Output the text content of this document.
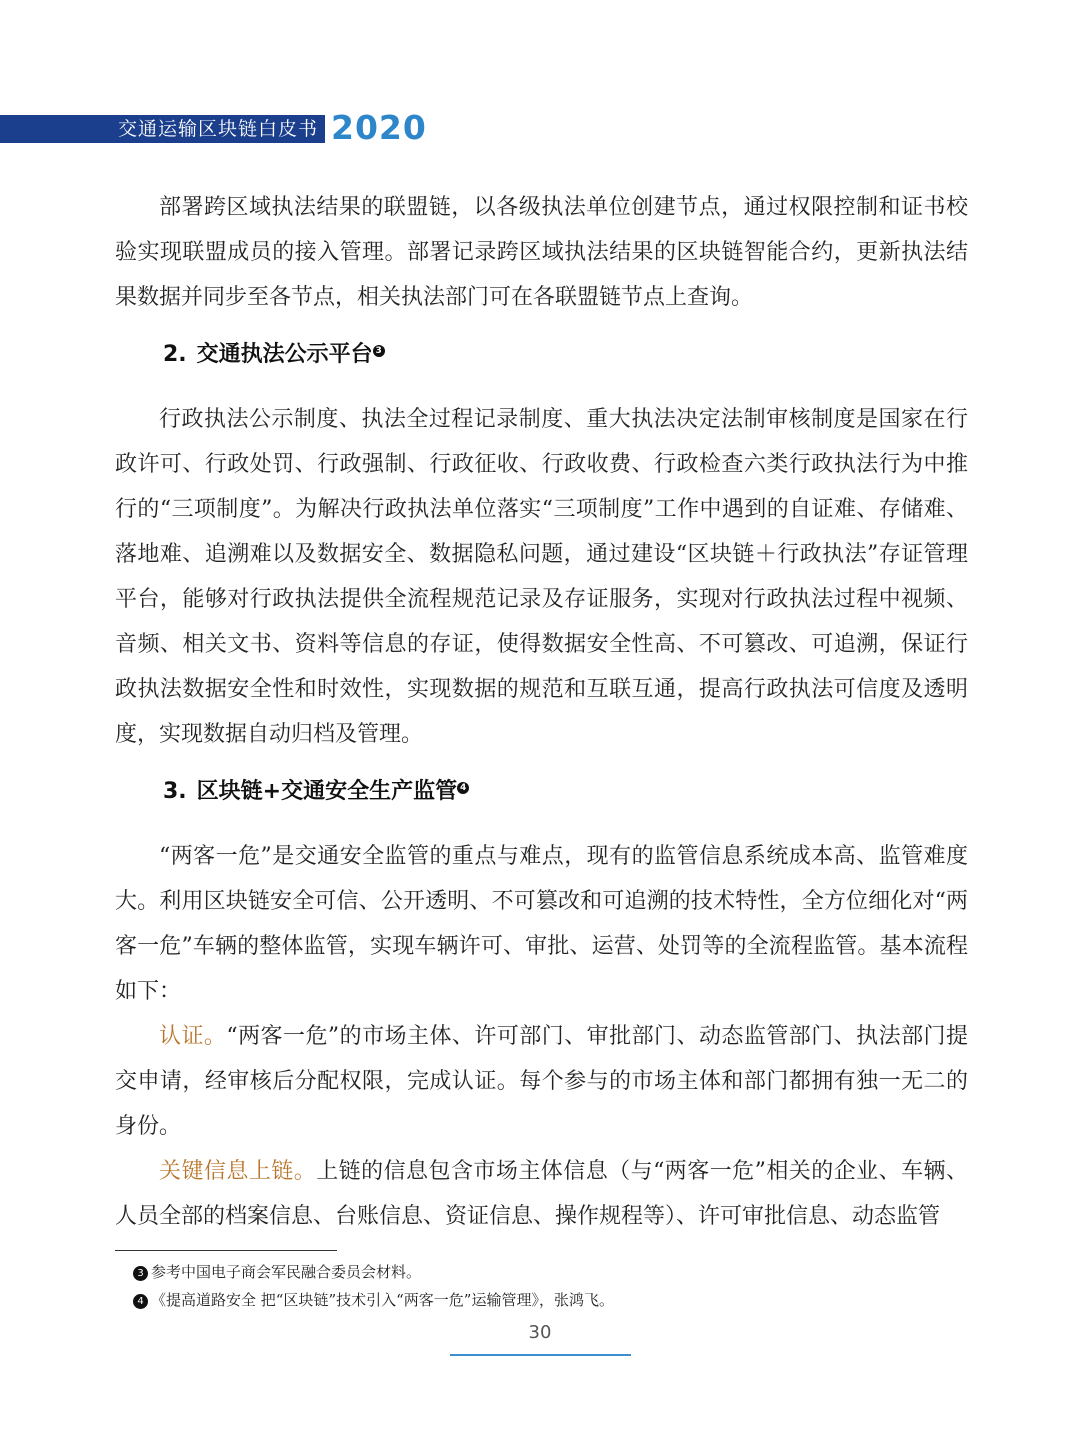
交通运输区块链白皮书 2020

部署跨区域执法结果的联盟链，以各级执法单位创建节点，通过权限控制和证书校验实现联盟成员的接入管理。部署记录跨区域执法结果的区块链智能合约，更新执法结果数据并同步至各节点，相关执法部门可在各联盟链节点上查询。

2. 交通执法公示平台 3

行政执法公示制度、执法全过程记录制度、重大执法决定法制审核制度是国家在行政许可、行政处罚、行政强制、行政征收、行政收费、行政检查六类行政执法行为中推行的“三项制度”。为解决行政执法单位落实“三项制度”工作中遇到的自证难、存储难、落地难、追溯难以及数据安全、数据隐私问题，通过建设“区块链＋行政执法”存证管理平台，能够对行政执法提供全流程规范记录及存证服务，实现对行政执法过程中视频、音频、相关文书、资料等信息的存证，使得数据安全性高、不可篡改、可追溯，保证行政执法数据安全性和时效性，实现数据的规范和互联互通，提高行政执法可信度及透明度，实现数据自动归档及管理。

3. 区块链+交通安全生产监管 4

“两客一危”是交通安全监管的重点与难点，现有的监管信息系统成本高、监管难度大。利用区块链安全可信、公开透明、不可篡改和可追溯的技术特性，全方位细化对“两客一危”车辆的整体监管，实现车辆许可、审批、运营、处罚等的全流程监管。基本流程如下：

认证。“两客一危”的市场主体、许可部门、审批部门、动态监管部门、执法部门提交申请，经审核后分配权限，完成认证。每个参与的市场主体和部门都拥有独一无二的身份。

关键信息上链。上链的信息包含市场主体信息（与“两客一危”相关的企业、车辆、人员全部的档案信息、台账信息、资证信息、操作规程等）、许可审批信息、动态监管

3 参考中国电子商会军民融合委员会材料。

4 《提高道路安全 把“区块链”技术引入“两客一危”运输管理》，张鸿飞。

30
